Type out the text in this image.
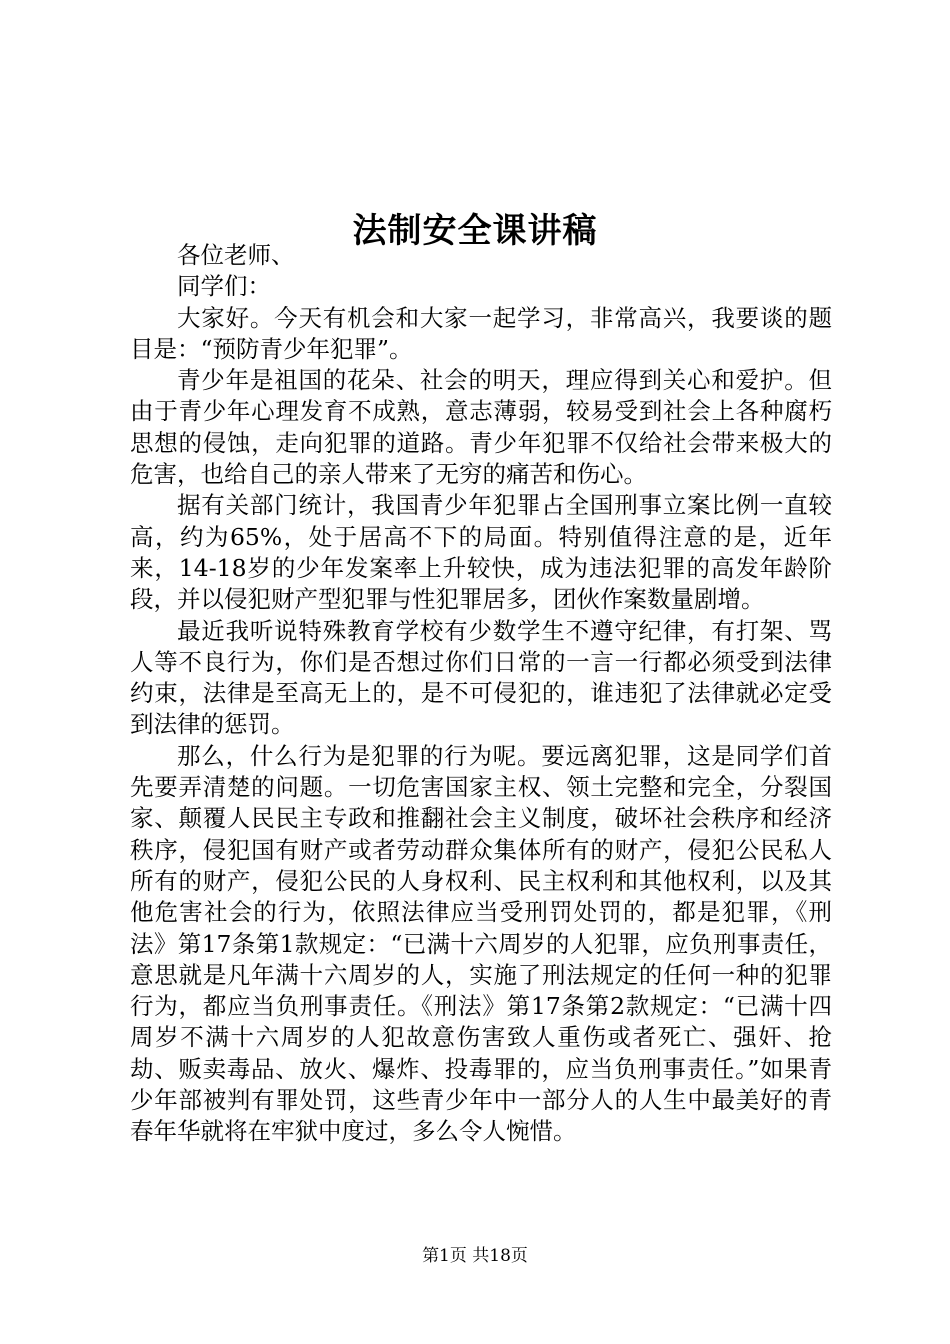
法制安全课讲稿

各位老师、

同学们：

大家好。今天有机会和大家一起学习，非常高兴，我要谈的题目是：“预防青少年犯罪”。

青少年是祖国的花朵、社会的明天，理应得到关心和爱护。但由于青少年心理发育不成熟，意志薄弱，较易受到社会上各种腐朽思想的侵蚀，走向犯罪的道路。青少年犯罪不仅给社会带来极大的危害，也给自己的亲人带来了无穷的痛苦和伤心。

据有关部门统计，我国青少年犯罪占全国刑事立案比例一直较高，约为65%，处于居高不下的局面。特别值得注意的是，近年来，14-18岁的少年发案率上升较快，成为违法犯罪的高发年龄阶段，并以侵犯财产型犯罪与性犯罪居多，团伙作案数量剧增。

最近我听说特殊教育学校有少数学生不遵守纪律，有打架、骂人等不良行为，你们是否想过你们日常的一言一行都必须受到法律约束，法律是至高无上的，是不可侵犯的，谁违犯了法律就必定受到法律的惩罚。

那么，什么行为是犯罪的行为呢。要远离犯罪，这是同学们首先要弄清楚的问题。一切危害国家主权、领土完整和完全，分裂国家、颠覆人民民主专政和推翻社会主义制度，破坏社会秩序和经济秩序，侵犯国有财产或者劳动群众集体所有的财产，侵犯公民私人所有的财产，侵犯公民的人身权利、民主权利和其他权利，以及其他危害社会的行为，依照法律应当受刑罚处罚的，都是犯罪，《刑法》第17条第1款规定：“已满十六周岁的人犯罪，应负刑事责任，意思就是凡年满十六周岁的人，实施了刑法规定的任何一种的犯罪行为，都应当负刑事责任。《刑法》第17条第2款规定：“已满十四周岁不满十六周岁的人犯故意伤害致人重伤或者死亡、强奸、抢劫、贩卖毒品、放火、爆炸、投毒罪的，应当负刑事责任。”如果青少年部被判有罪处罚，这些青少年中一部分人的人生中最美好的青春年华就将在牢狱中度过，多么令人惋惜。

第1页 共18页
